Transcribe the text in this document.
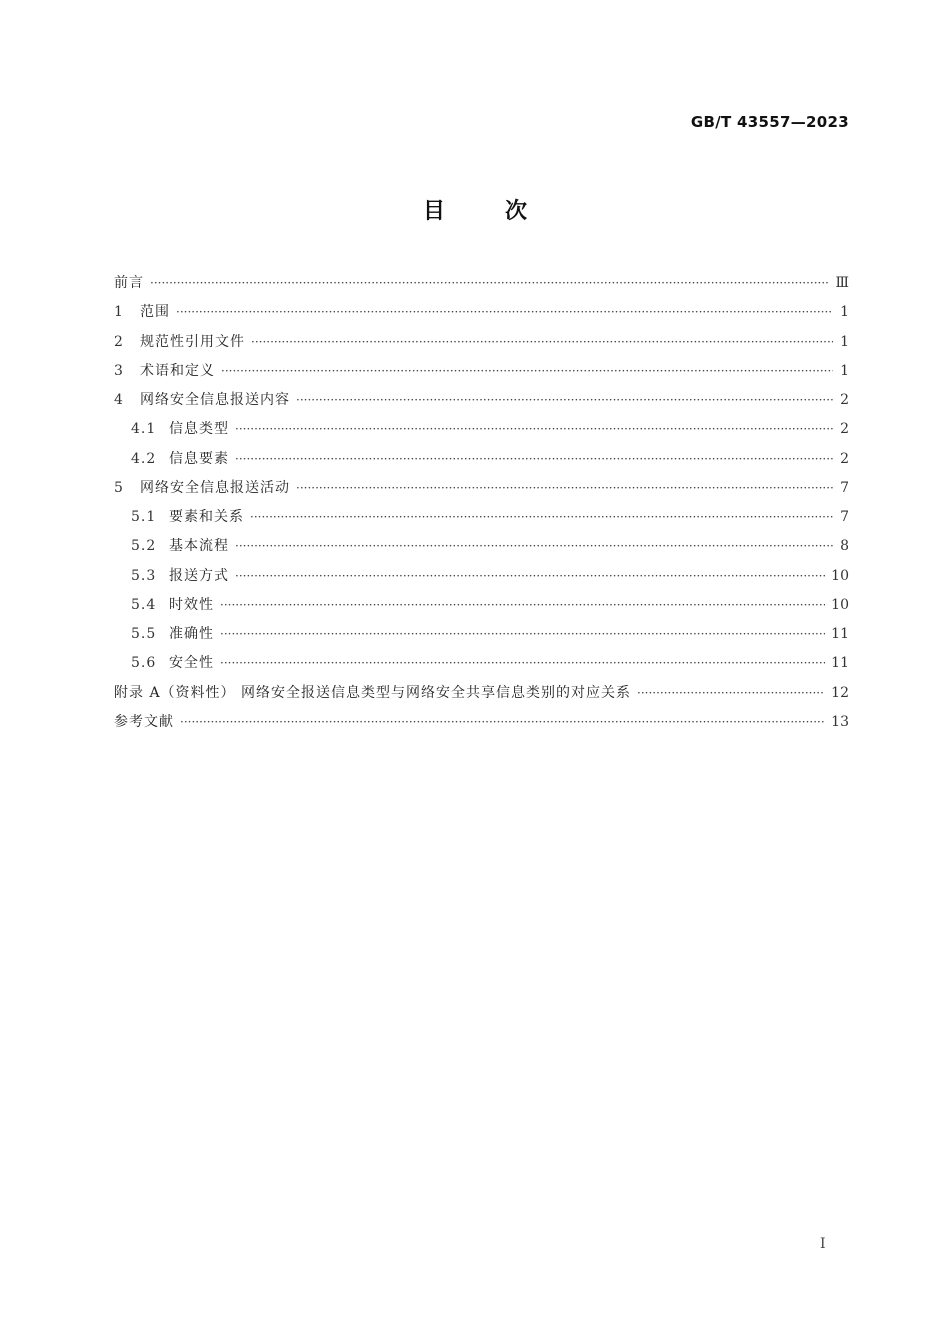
GB/T 43557—2023
目	次
前言 ·····	Ⅲ
1	范围 ·····	1
2	规范性引用文件 ·····	1
3	术语和定义 ·····	1
4	网络安全信息报送内容 ·····	2
4.1 信息类型 ·····	2
4.2 信息要素 ·····	2
5	网络安全信息报送活动 ·····	7
5.1 要素和关系 ·····	7
5.2 基本流程 ·····	8
5.3 报送方式 ·····	10
5.4 时效性 ·····	10
5.5 准确性 ·····	11
5.6 安全性 ·····	11
附录 A（资料性） 网络安全报送信息类型与网络安全共享信息类别的对应关系 ·····	12
参考文献 ·····	13
Ⅰ
